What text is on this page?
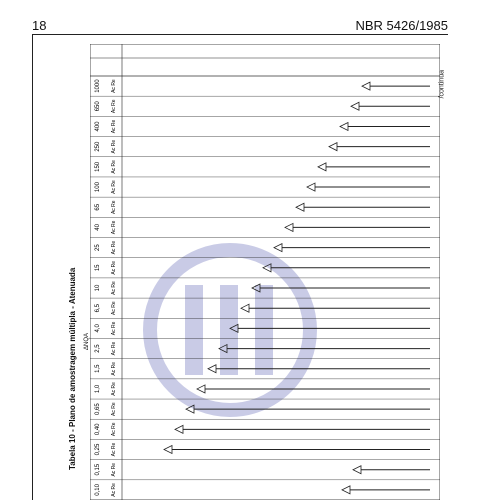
18	NBR 5426/1985
/continua
Tabela 10 - Plano de amostragem múltipla - Atenuada ΔNQA
1000 Ac Re
650 Ac Re
400 Ac Re
250 Ac Re
150 Ac Re
100 Ac Re
65 Ac Re
40 Ac Re
25 Ac Re
15 Ac Re
10 Ac Re
6,5 Ac Re
4,0 Ac Re
2,5 Ac Re
1,5 Ac Re
1,0 Ac Re
0,65 Ac Re
0,40 Ac Re
0,25 Ac Re
0,15 Ac Re
0,10 Ac Re
